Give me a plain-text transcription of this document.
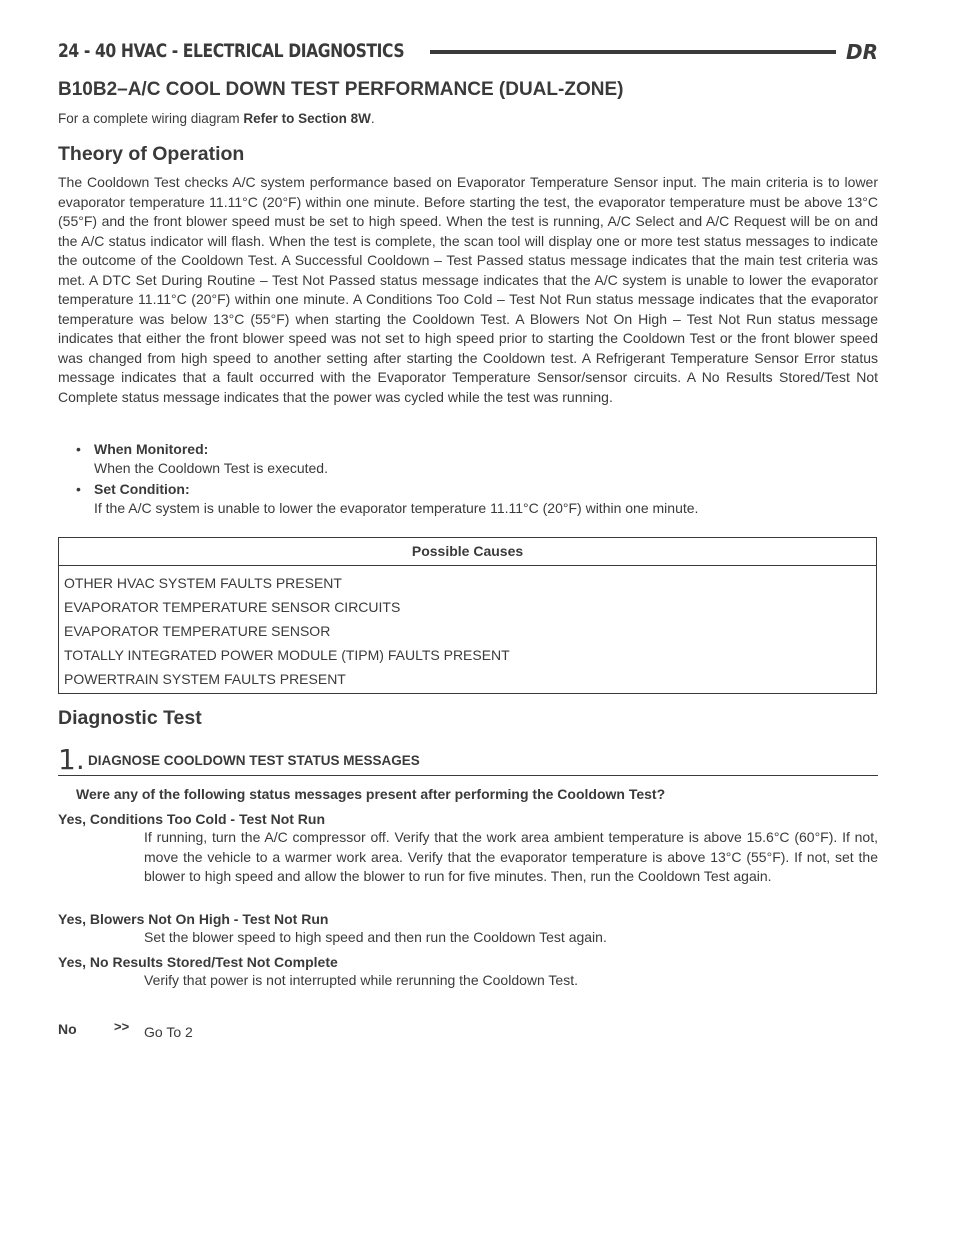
24 - 40 HVAC - ELECTRICAL DIAGNOSTICS	DR
B10B2–A/C COOL DOWN TEST PERFORMANCE (DUAL-ZONE)
For a complete wiring diagram Refer to Section 8W.
Theory of Operation

The Cooldown Test checks A/C system performance based on Evaporator Temperature Sensor input. The main criteria is to lower evaporator temperature 11.11°C (20°F) within one minute. Before starting the test, the evaporator temperature must be above 13°C (55°F) and the front blower speed must be set to high speed. When the test is running, A/C Select and A/C Request will be on and the A/C status indicator will flash. When the test is complete, the scan tool will display one or more test status messages to indicate the outcome of the Cooldown Test. A Successful Cooldown – Test Passed status message indicates that the main test criteria was met. A DTC Set During Routine – Test Not Passed status message indicates that the A/C system is unable to lower the evaporator temperature 11.11°C (20°F) within one minute. A Conditions Too Cold – Test Not Run status message indicates that the evaporator temperature was below 13°C (55°F) when starting the Cooldown Test. A Blowers Not On High – Test Not Run status message indicates that either the front blower speed was not set to high speed prior to starting the Cooldown Test or the front blower speed was changed from high speed to another setting after starting the Cooldown test. A Refrigerant Temperature Sensor Error status message indicates that a fault occurred with the Evaporator Temperature Sensor/sensor circuits. A No Results Stored/Test Not Complete status message indicates that the power was cycled while the test was running.

• When Monitored:
When the Cooldown Test is executed.
• Set Condition:
If the A/C system is unable to lower the evaporator temperature 11.11°C (20°F) within one minute.
Possible Causes
OTHER HVAC SYSTEM FAULTS PRESENT
EVAPORATOR TEMPERATURE SENSOR CIRCUITS
EVAPORATOR TEMPERATURE SENSOR
TOTALLY INTEGRATED POWER MODULE (TIPM) FAULTS PRESENT
POWERTRAIN SYSTEM FAULTS PRESENT
Diagnostic Test
1. DIAGNOSE COOLDOWN TEST STATUS MESSAGES
Were any of the following status messages present after performing the Cooldown Test?
Yes, Conditions Too Cold - Test Not Run

If running, turn the A/C compressor off. Verify that the work area ambient temperature is above 15.6°C (60°F). If not, move the vehicle to a warmer work area. Verify that the evaporator temperature is above 13°C (55°F). If not, set the blower to high speed and allow the blower to run for five minutes. Then, run the Cooldown Test again.

Yes, Blowers Not On High - Test Not Run

Set the blower speed to high speed and then run the Cooldown Test again.

Yes, No Results Stored/Test Not Complete

Verify that power is not interrupted while rerunning the Cooldown Test.

No	>> Go To 2
